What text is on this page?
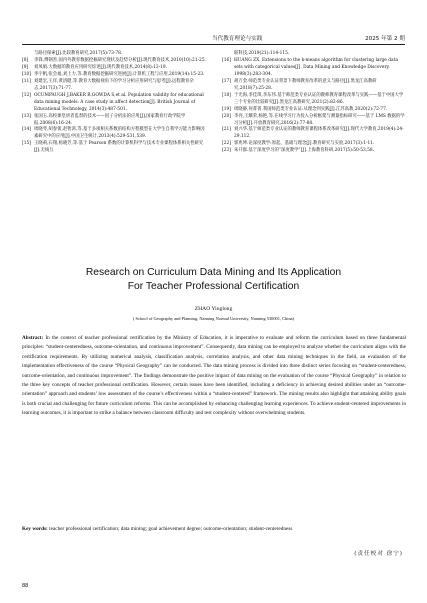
当代教育理论与实践	2025 年第 2 期
与路径探索[J].比较教育研究,2017(5):73-78.
[8]	李锋,傅钢善.国内外教育数据挖掘研究现状及趋势分析[J].现代教育技术,2010(10):21-25.
[9]	刘凤娟.大数据的教育应用研究综述[J].现代教育技术,2014(8):13-19.
[10] 李宇帆,张会福,刘上力,等.教育数据挖掘研究进展[J].计算机工程与应用,2019(14):15-23.
[11] 刘建宏,王洋,黄清健,等.教育大数据视角下的学习分析应用研究与思考[J].远程教育杂志,2017(3):71-77.
[12] OCUMPAUGH J,BAKER R,GOWDA S,et al. Population validity for educational data mining models: A case study in affect detection[J]. British Journal of Educational Technology, 2014(3):487-501.
[13] 张国玉.高校课堂讲者监督的技术——因子分析法的应用[J].国家教育行政学院学报,2008(6):16-24.
[14] 周晓琴,胡春蕾,赵智鸿,等.基于多项相关系数的结构方程模型在大学生自我学习能力影响因素研究中的应用[J].中国卫生统计,2013(4):529-531,539.
[15] 王晓莉,石翔,杨晓芳,等.基于 Pearson 系数的计算机科学与技术专业课程体系相关性研究[J].无线互
联科技,2019(21):114-115.
[16] HUANG ZX. Extensions to the k-means algorithm for clustering large data sets with categorical values[J]. Data Mining and Knowledge Discovery, 1998(3):283-304.
[17] 胡万金.师范类专业认证背景下教师教育改革的意义与路径[J].黑龙江高教研究,2018(7):25-28.
[18] 于光海,李佳琪,李东伟.基于师范类专业认证的教师教育课程改革与实践——基于中国大学三个专业的比较研究[J].黑龙江高教研究,2021(2):82-86.
[19] 周晓静,何菁菁.我国师范类专业认证:从理念到实践[J].江苏高教,2020(2):72-77.
[20] 李亮,王耀荣,杨艳,等.在线学习行为投入分析框架与测量指标研究——基于 LMS 数据的学习分析[J].开放教育研究,2016(2):77-88.
[21] 刘兴华.基于师范类专业认证的教师教育课程体系改革研究[J].现代大学教育,2019(4):24-29,112.
[22] 郭兆坤.论深度教学:原起、基础与理念[J].教育研究与实验,2017(3):1-11.
[23] 朱开群.基于深度学习的“深度教学”[J].上海教育科研,2017(5):50-53,58.
Research on Curriculum Data Mining and Its Application
For Teacher Professional Certification
ZHAO Yinglong
( School of Geography and Planning, Nanning Normal University, Nanning 530001, China)

Abstract: In the context of teacher professional certification by the Ministry of Education, it is imperative to evaluate and reform the curriculum based on three fundamental principles: “student-centeredness, outcome-orientation, and continuous improvement”. Consequently, data mining can be employed to analyze whether the curriculum aligns with the certification requirements. By utilizing numerical analysis, classification analysis, correlation analysis, and other data mining techniques in the field, an evaluation of the implementation effectiveness of the course “Physical Geography” can be conducted. The data mining process is divided into three distinct series focusing on “student-centeredness, outcome-orientation, and continuous improvement”. The findings demonstrate the positive impact of data mining on the evaluation of the course “Physical Geography” in relation to the three key concepts of teacher professional certification. However, certain issues have been identified, including a deficiency in achieving desired abilities under an “outcome-orientation” approach and students’ low assessment of the course’s effectiveness within a “student-centered” framework. The mining results also highlight that attaining ability goals is both crucial and challenging for future curriculum reforms. This can be accomplished by enhancing challenging learning experiences. To achieve student-centered improvements in learning outcomes, it is important to strike a balance between classroom difficulty and test complexity without overwhelming students.

Key words: teacher professional certification; data mining; goal achievement degree; outcome-orientation; student-centeredness

(责任校对 徐宁)
88
